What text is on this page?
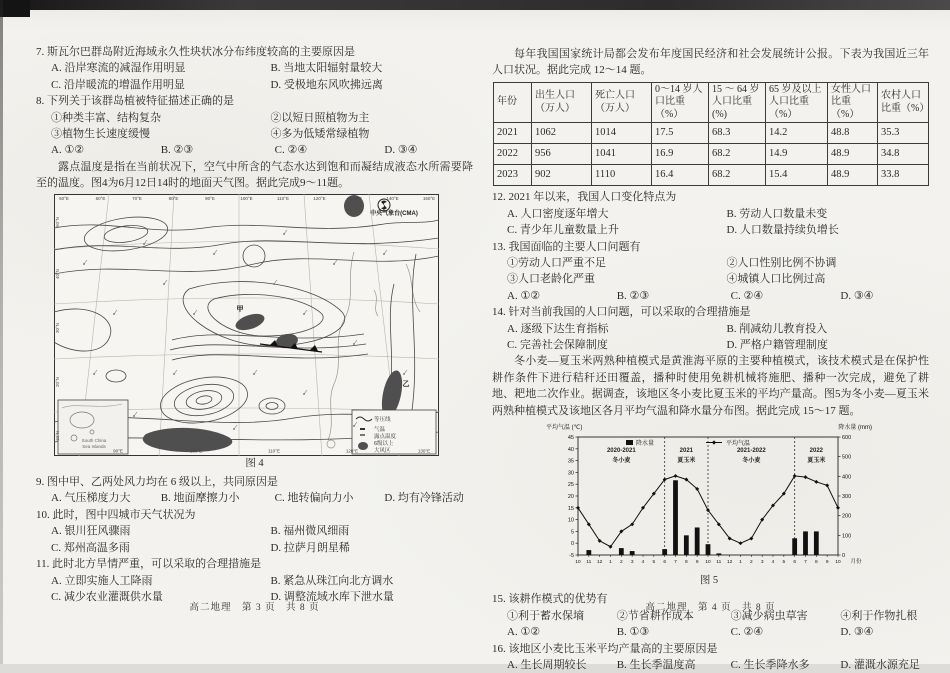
7. 斯瓦尔巴群岛附近海域永久性块状冰分布纬度较高的主要原因是
A. 沿岸寒流的减湿作用明显	B. 当地太阳辐射量较大
C. 沿岸暖流的增温作用明显	D. 受极地东风吹拂远离
8. 下列关于该群岛植被特征描述正确的是
①种类丰富、结构复杂	②以短日照植物为主
③植物生长速度缓慢	④多为低矮常绿植物
A. ①②	B. ②③	C. ②④	D. ③④

露点温度是指在当前状况下，空气中所含的气态水达到饱和而凝结成液态水所需要降至的温度。图4为6月12日14时的地面天气图。据此完成9～11题。

50°E	60°E	70°E	80°E	90°E	100°E	110°E	120°E	130°E	140°E	150°E
50°N
40°N
30°N
20°N
10°N
90°E	100°E	110°E	120°E	130°E
中央气象台(CMA)
等压线
气温
露点温度
6级以上
大风区
South China
Sea Islands
甲
乙
图 4
9. 图中甲、乙两处风力均在 6 级以上，共同原因是
A. 气压梯度力大	B. 地面摩擦力小	C. 地转偏向力小	D. 均有冷锋活动
10. 此时，图中四城市天气状况为
A. 银川狂风骤雨	B. 福州微风细雨
C. 郑州高温多雨	D. 拉萨月朗星稀
11. 此时北方旱情严重，可以采取的合理措施是
A. 立即实施人工降雨	B. 紧急从珠江向北方调水
C. 减少农业灌溉供水量	D. 调整流域水库下泄水量

每年我国国家统计局都会发布年度国民经济和社会发展统计公报。下表为我国近三年人口状况。据此完成 12～14 题。

年份	出生人口（万人）	死亡人口（万人）	0～14 岁人口比重（%）	15 ～ 64 岁人口比重(%)	65 岁及以上人口比重（%）	女性人口比重（%）	农村人口比重（%）
2021	1062	1014	17.5	68.3	14.2	48.8	35.3
2022	956	1041	16.9	68.2	14.9	48.9	34.8
2023	902	1110	16.4	68.2	15.4	48.9	33.8
12. 2021 年以来，我国人口变化特点为
A. 人口密度逐年增大	B. 劳动人口数量未变
C. 青少年儿童数量上升	D. 人口数量持续负增长
13. 我国面临的主要人口问题有
①劳动人口严重不足	②人口性别比例不协调
③人口老龄化严重	④城镇人口比例过高
A. ①②	B. ②③	C. ②④	D. ③④
14. 针对当前我国的人口问题，可以采取的合理措施是
A. 逐级下达生育指标	B. 削减幼儿教育投入
C. 完善社会保障制度	D. 严格户籍管理制度

冬小麦—夏玉米两熟种植模式是黄淮海平原的主要种植模式，该技术模式是在保护性耕作条件下进行秸秆还田覆盖，播种时使用免耕机械将施肥、播种一次完成，避免了耕地、耙地二次作业。据调查，该地区冬小麦比夏玉米的平均产量高。图5为冬小麦—夏玉米两熟种植模式及该地区各月平均气温和降水量分布图。据此完成 15～17 题。

-5
0
5
10
15
20
25
30
35
40
45
0
100
200
300
400
500
600
10 11 12 1 2 3 4 5 6 7 8 9 10 11 12 1 2 3 4 5 6 7 8 9 10 月份
平均气温 (℃)	降水量 (mm)
2020-2021
冬小麦
2021
夏玉米
2021-2022
冬小麦
2022
夏玉米
降水量	平均气温
图 5
15. 该耕作模式的优势有
①利于蓄水保墒	②节省耕作成本	③减少病虫草害	④利于作物扎根
A. ①②	B. ①③	C. ②④	D. ③④
16. 该地区小麦比玉米平均产量高的主要原因是
A. 生长周期较长	B. 生长季温度高	C. 生长季降水多	D. 灌溉水源充足
高二地理　第 3 页　共 8 页	高二地理　第 4 页　共 8 页
